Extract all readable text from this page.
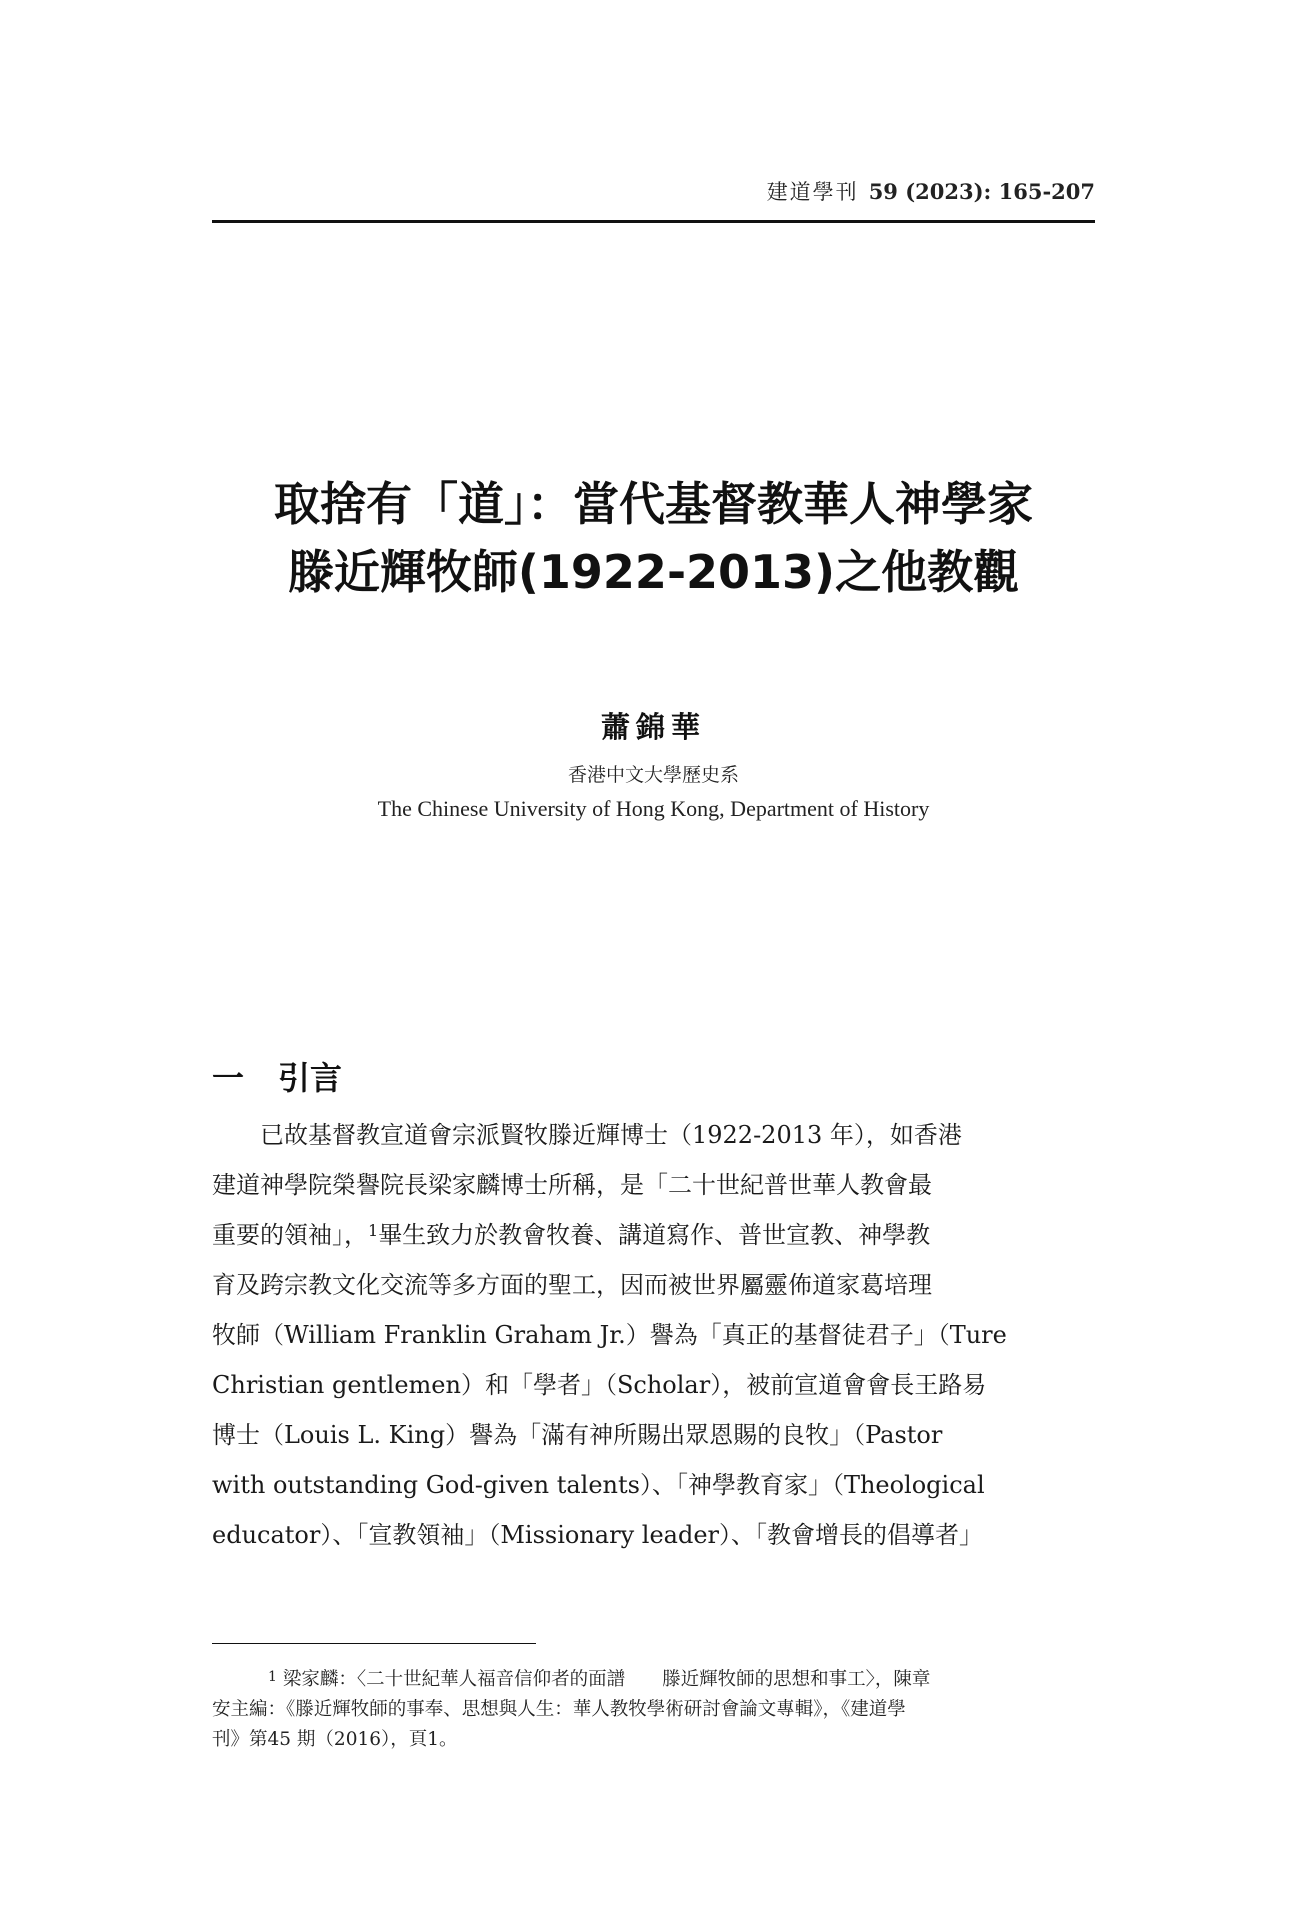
建道學刊 59 (2023): 165-207
取捨有「道」：當代基督教華人神學家
滕近輝牧師(1922-2013)之他教觀
蕭錦華
香港中文大學歷史系
The Chinese University of Hong Kong, Department of History
一 引言
　　已故基督教宣道會宗派賢牧滕近輝博士（1922-2013 年），如香港
建道神學院榮譽院長梁家麟博士所稱，是「二十世紀普世華人教會最
重要的領袖」，$^1$ 畢生致力於教會牧養、講道寫作、普世宣教、神學教
育及跨宗教文化交流等多方面的聖工，因而被世界屬靈佈道家葛培理
牧師（William Franklin Graham Jr.）譽為「真正的基督徒君子」（Ture
Christian gentlemen）和「學者」（Scholar），被前宣道會會長王路易
博士（Louis L. King）譽為「滿有神所賜出眾恩賜的良牧」（Pastor
with outstanding God-given talents）、「神學教育家」（Theological
educator）、「宣教領袖」（Missionary leader）、「教會增長的倡導者」
$^1$ 梁家麟：〈二十世紀華人福音信仰者的面譜　　滕近輝牧師的思想和事工〉，陳章
安主編：《滕近輝牧師的事奉、思想與人生：華人教牧學術研討會論文專輯》，《建道學
刊》第45 期（2016），頁1。
